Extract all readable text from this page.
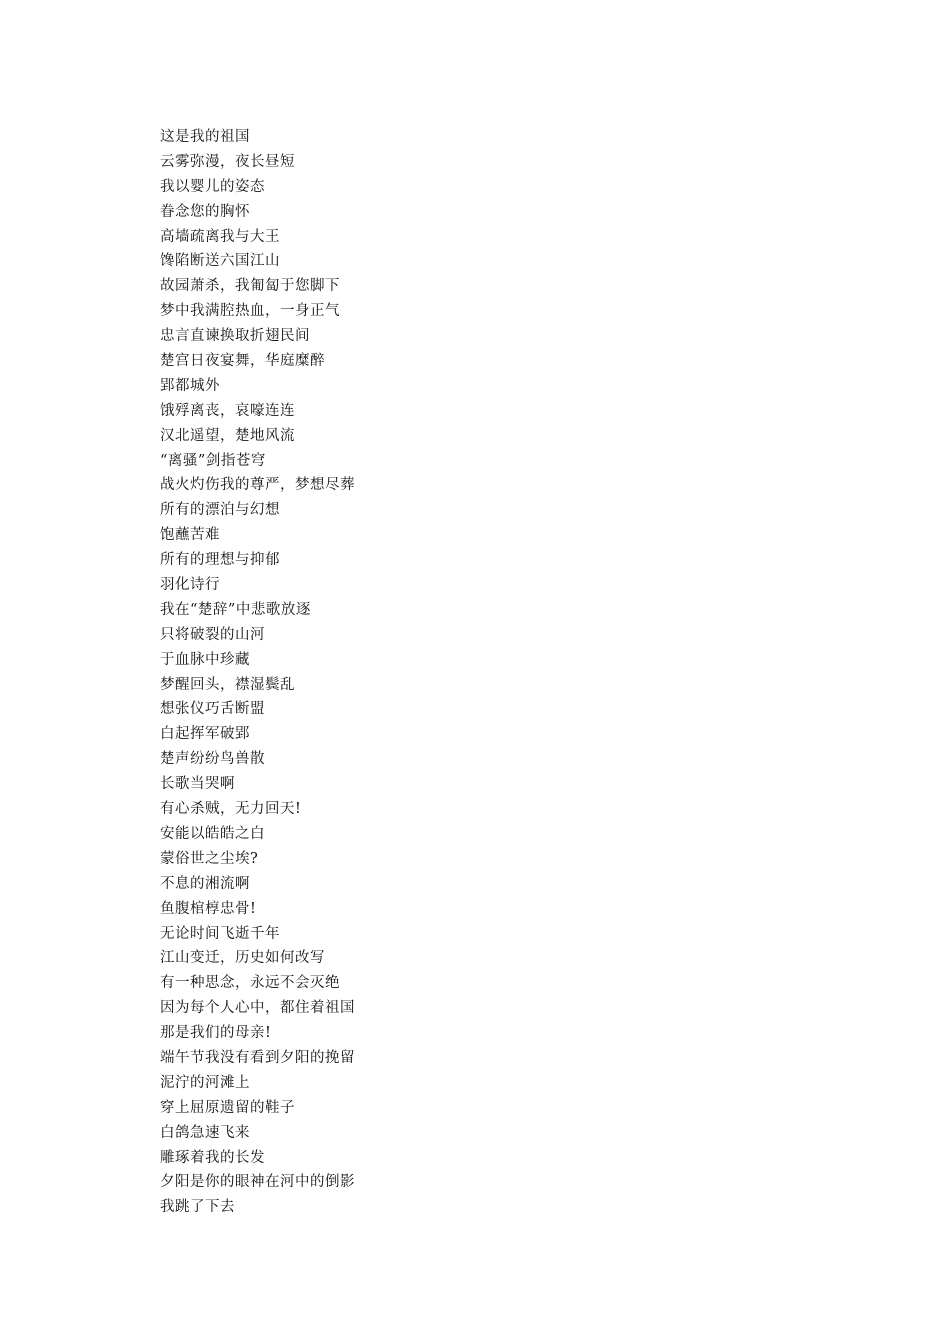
这是我的祖国
云雾弥漫，夜长昼短
我以婴儿的姿态
眷念您的胸怀
高墙疏离我与大王
馋陷断送六国江山
故园萧杀，我匍匐于您脚下
梦中我满腔热血，一身正气
忠言直谏换取折翅民间
楚宫日夜宴舞，华庭糜醉
郢都城外
饿殍离丧，哀嚎连连
汉北遥望，楚地风流
“离骚”剑指苍穹
战火灼伤我的尊严，梦想尽葬
所有的漂泊与幻想
饱蘸苦难
所有的理想与抑郁
羽化诗行
我在“楚辞”中悲歌放逐
只将破裂的山河
于血脉中珍藏
梦醒回头，襟湿鬓乱
想张仪巧舌断盟
白起挥军破郢
楚声纷纷鸟兽散
长歌当哭啊
有心杀贼，无力回天!
安能以皓皓之白
蒙俗世之尘埃?
不息的湘流啊
鱼腹棺椁忠骨!
无论时间飞逝千年
江山变迁，历史如何改写
有一种思念，永远不会灭绝
因为每个人心中，都住着祖国
那是我们的母亲!
端午节我没有看到夕阳的挽留
泥泞的河滩上
穿上屈原遗留的鞋子
白鸽急速飞来
雕琢着我的长发
夕阳是你的眼神在河中的倒影
我跳了下去
